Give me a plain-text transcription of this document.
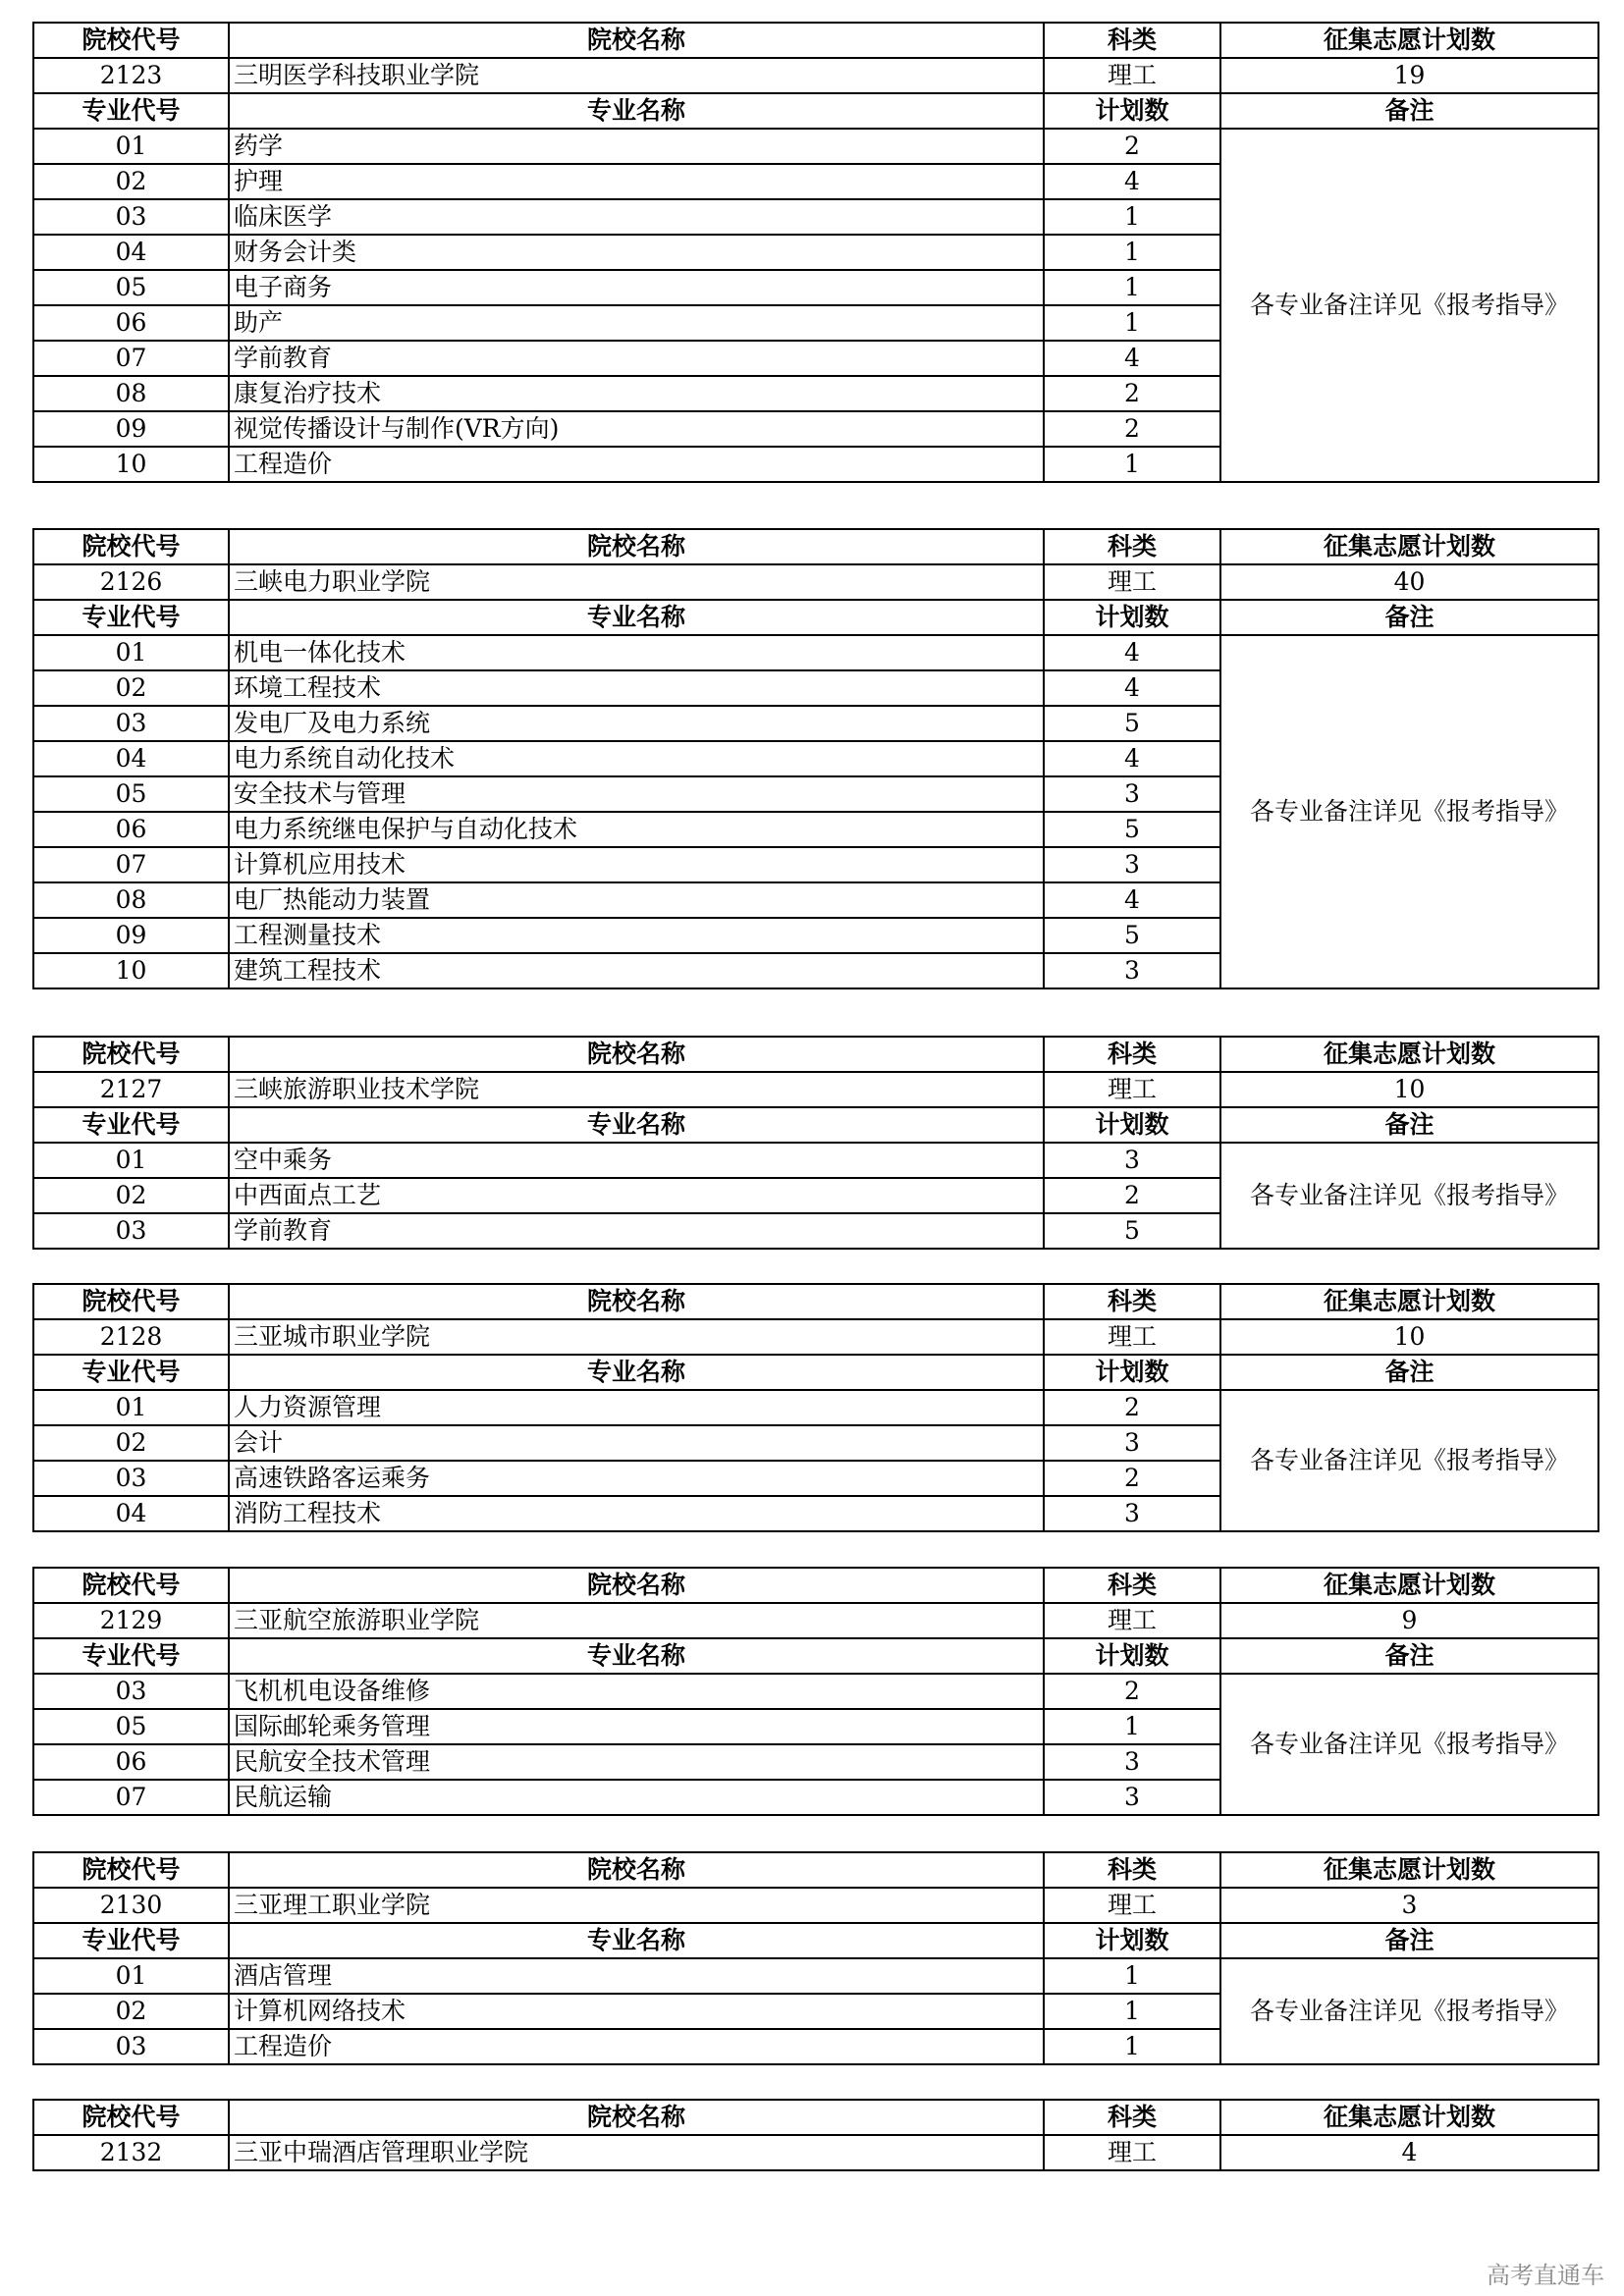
院校代号	院校名称	科类	征集志愿计划数
2123	三明医学科技职业学院	理工	19
专业代号	专业名称	计划数	备注
01	药学	2	各专业备注详见《报考指导》
02	护理	4	
03	临床医学	1	
04	财务会计类	1	
05	电子商务	1	
06	助产	1	
07	学前教育	4	
08	康复治疗技术	2	
09	视觉传播设计与制作(VR方向)	2	
10	工程造价	1	
院校代号	院校名称	科类	征集志愿计划数
2126	三峡电力职业学院	理工	40
专业代号	专业名称	计划数	备注
01	机电一体化技术	4	各专业备注详见《报考指导》
02	环境工程技术	4	
03	发电厂及电力系统	5	
04	电力系统自动化技术	4	
05	安全技术与管理	3	
06	电力系统继电保护与自动化技术	5	
07	计算机应用技术	3	
08	电厂热能动力装置	4	
09	工程测量技术	5	
10	建筑工程技术	3	
院校代号	院校名称	科类	征集志愿计划数
2127	三峡旅游职业技术学院	理工	10
专业代号	专业名称	计划数	备注
01	空中乘务	3	各专业备注详见《报考指导》
02	中西面点工艺	2	
03	学前教育	5	
院校代号	院校名称	科类	征集志愿计划数
2128	三亚城市职业学院	理工	10
专业代号	专业名称	计划数	备注
01	人力资源管理	2	各专业备注详见《报考指导》
02	会计	3	
03	高速铁路客运乘务	2	
04	消防工程技术	3	
院校代号	院校名称	科类	征集志愿计划数
2129	三亚航空旅游职业学院	理工	9
专业代号	专业名称	计划数	备注
03	飞机机电设备维修	2	各专业备注详见《报考指导》
05	国际邮轮乘务管理	1	
06	民航安全技术管理	3	
07	民航运输	3	
院校代号	院校名称	科类	征集志愿计划数
2130	三亚理工职业学院	理工	3
专业代号	专业名称	计划数	备注
01	酒店管理	1	各专业备注详见《报考指导》
02	计算机网络技术	1	
03	工程造价	1	
院校代号	院校名称	科类	征集志愿计划数
2132	三亚中瑞酒店管理职业学院	理工	4
高考直通车
